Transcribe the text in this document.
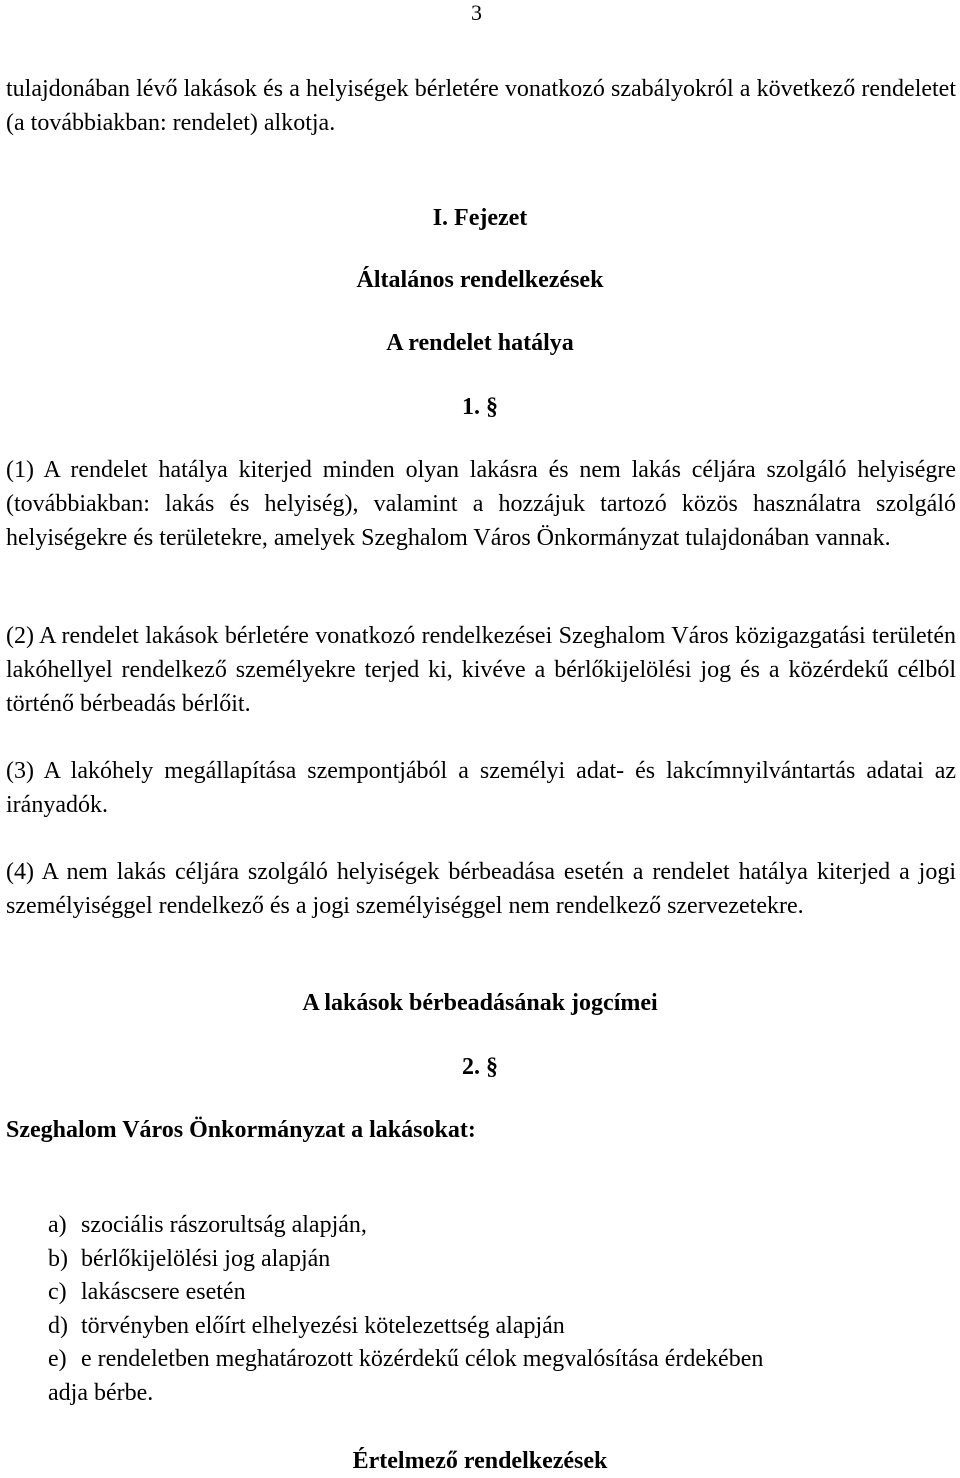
3

tulajdonában lévő lakások és a helyiségek bérletére vonatkozó szabályokról a következő rendeletet (a továbbiakban: rendelet) alkotja.

I. Fejezet

Általános rendelkezések

A rendelet hatálya

1. §

(1) A rendelet hatálya kiterjed minden olyan lakásra és nem lakás céljára szolgáló helyiségre (továbbiakban: lakás és helyiség), valamint a hozzájuk tartozó közös használatra szolgáló helyiségekre és területekre, amelyek Szeghalom Város Önkormányzat tulajdonában vannak.

(2) A rendelet lakások bérletére vonatkozó rendelkezései Szeghalom Város közigazgatási területén lakóhellyel rendelkező személyekre terjed ki, kivéve a bérlőkijelölési jog és a közérdekű célból történő bérbeadás bérlőit.

(3) A lakóhely megállapítása szempontjából a személyi adat- és lakcímnyilvántartás adatai az irányadók.

(4) A nem lakás céljára szolgáló helyiségek bérbeadása esetén a rendelet hatálya kiterjed a jogi személyiséggel rendelkező és a jogi személyiséggel nem rendelkező szervezetekre.

A lakások bérbeadásának jogcímei

2. §

Szeghalom Város Önkormányzat a lakásokat:

a) szociális rászorultság alapján,
b) bérlőkijelölési jog alapján
c) lakáscsere esetén
d) törvényben előírt elhelyezési kötelezettség alapján
e) e rendeletben meghatározott közérdekű célok megvalósítása érdekében
adja bérbe.

Értelmező rendelkezések
